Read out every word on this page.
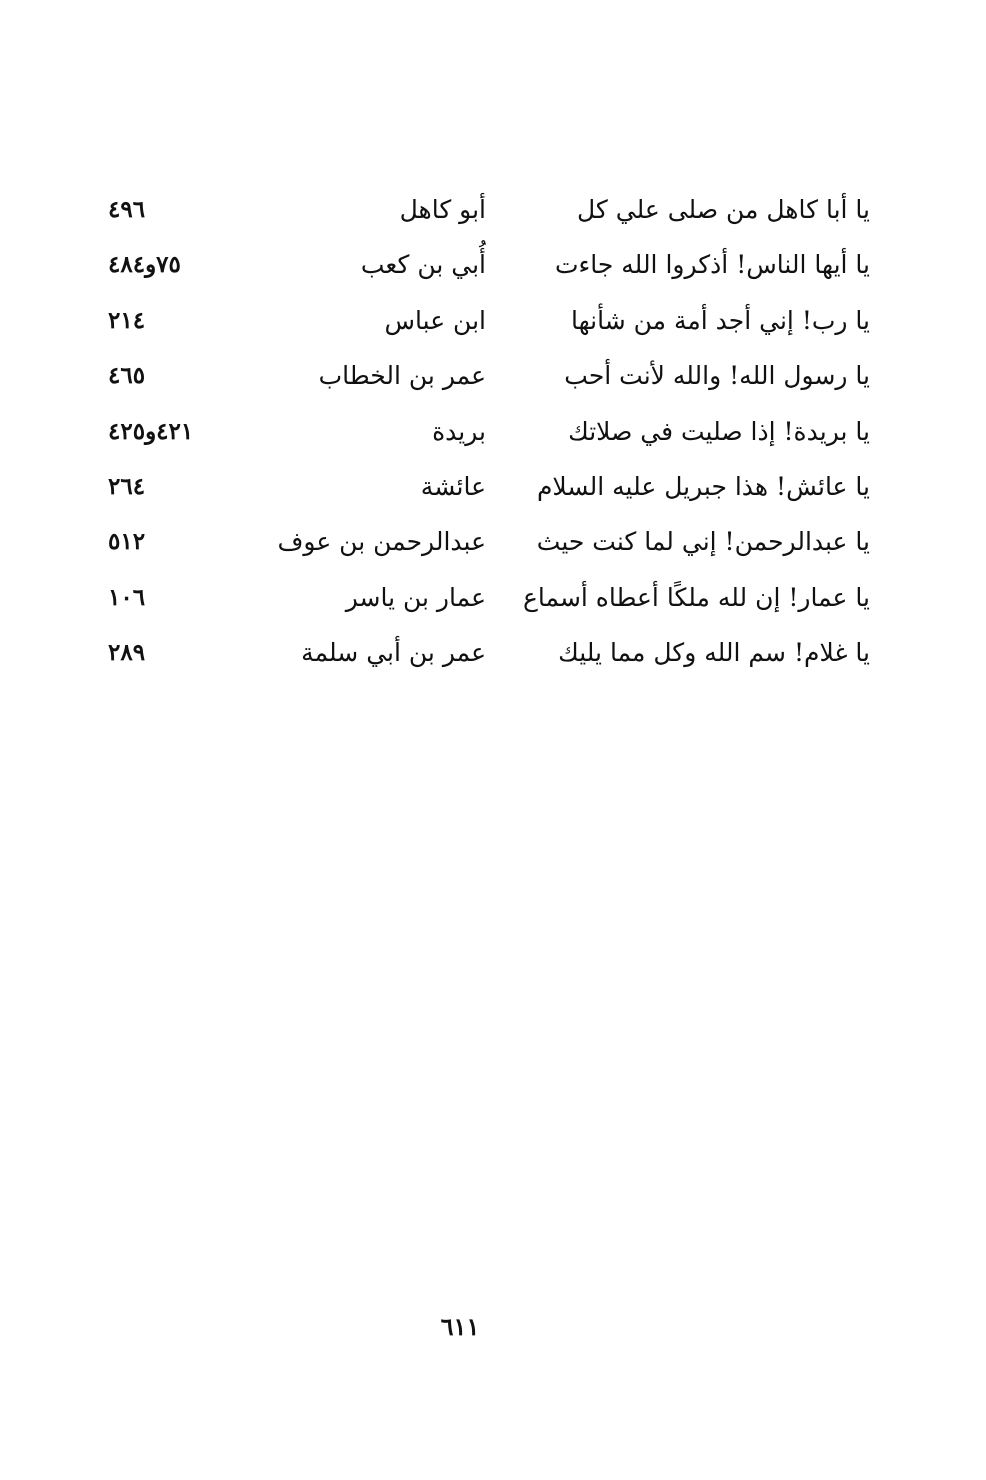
يا أبا كاهل من صلى علي كل
أبو كاهل
٤٩٦
يا أيها الناس! أذكروا الله جاءت
أُبي بن كعب
٧٥و٤٨٤
يا رب! إني أجد أمة من شأنها
ابن عباس
٢١٤
يا رسول الله! والله لأنت أحب
عمر بن الخطاب
٤٦٥
يا بريدة! إذا صليت في صلاتك
بريدة
٤٢١و٤٢٥
يا عائش! هذا جبريل عليه السلام
عائشة
٢٦٤
يا عبدالرحمن! إني لما كنت حيث
عبدالرحمن بن عوف
٥١٢
يا عمار! إن لله ملكًا أعطاه أسماع
عمار بن ياسر
١٠٦
يا غلام! سم الله وكل مما يليك
عمر بن أبي سلمة
٢٨٩
٦١١
